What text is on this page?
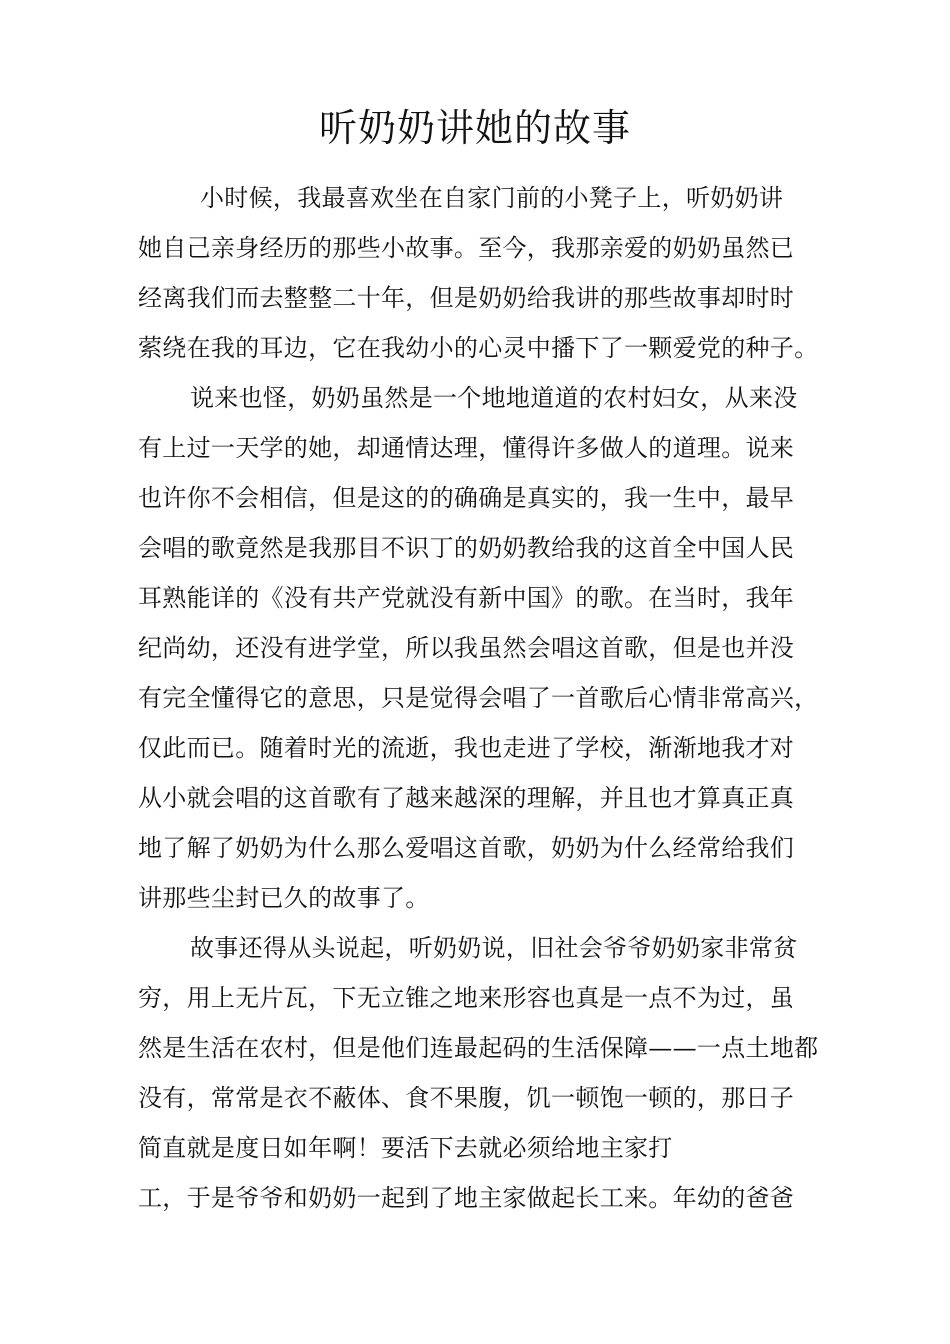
听奶奶讲她的故事
小时候，我最喜欢坐在自家门前的小凳子上，听奶奶讲
她自己亲身经历的那些小故事。至今，我那亲爱的奶奶虽然已
经离我们而去整整二十年，但是奶奶给我讲的那些故事却时时
萦绕在我的耳边，它在我幼小的心灵中播下了一颗爱党的种子。
说来也怪，奶奶虽然是一个地地道道的农村妇女，从来没
有上过一天学的她，却通情达理，懂得许多做人的道理。说来
也许你不会相信，但是这的的确确是真实的，我一生中，最早
会唱的歌竟然是我那目不识丁的奶奶教给我的这首全中国人民
耳熟能详的《没有共产党就没有新中国》的歌。在当时，我年
纪尚幼，还没有进学堂，所以我虽然会唱这首歌，但是也并没
有完全懂得它的意思，只是觉得会唱了一首歌后心情非常高兴，
仅此而已。随着时光的流逝，我也走进了学校，渐渐地我才对
从小就会唱的这首歌有了越来越深的理解，并且也才算真正真
地了解了奶奶为什么那么爱唱这首歌，奶奶为什么经常给我们
讲那些尘封已久的故事了。
故事还得从头说起，听奶奶说，旧社会爷爷奶奶家非常贫
穷，用上无片瓦，下无立锥之地来形容也真是一点不为过，虽
然是生活在农村，但是他们连最起码的生活保障——一点土地都
没有，常常是衣不蔽体、食不果腹，饥一顿饱一顿的，那日子
简直就是度日如年啊！要活下去就必须给地主家打
工，于是爷爷和奶奶一起到了地主家做起长工来。年幼的爸爸
